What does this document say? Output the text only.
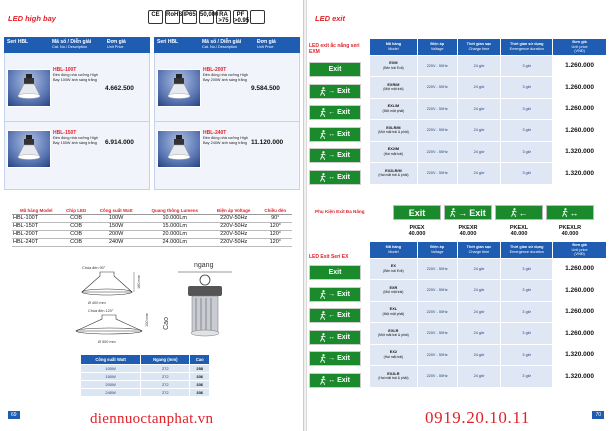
LED high bay	CE	RoHS IP65 50,000 RA >75
PF >0.95
Seri HBL	Mã số / Diễn giải
Cat. No./ Description
Đơn giá
Unit Price
HBL-100T
Đèn đúng nhà xưởng High Bay 100W ánh sáng trắng
4.662.500
HBL-150T
Đèn đúng nhà xưởng High Bay 150W ánh sáng trắng	6.914.000
Seri HBL	Mã số / Diễn giải
Cat. No./ Description
Đơn giá
Unit Price
HBL-200T
Đèn đúng nhà xưởng High Bay 200W ánh sáng trắng
9.584.500
HBL-240T
Đèn đúng nhà xưởng High Bay 240W ánh sáng trắng 11.120.000
Mã hàng Model	Chip LED	Công suất Watt	Quang thông Lumens	Điện áp Voltage	Chiều đèn
HBL-100T	COB	100W	10.000Lm	220V-50Hz	90°
HBL-150T	COB	150W	15.000Lm	220V-50Hz	120°
HBL-200T	COB	200W	20.000Lm	220V-50Hz	120°
HBL-240T	COB	240W	24.000Lm	220V-50Hz	120°
Chóa đèn 90°
Ø 400 mm
180 mm
Chóa đèn 120°
Ø 500 mm
100 mm
ngang
Cao
Công suất Watt	Ngang (mm)	Cao
100W	272	258
150W	272	336
200W	272	336
240W	272	336
69	diennuoctanphat.vn
LED exit
LED exit ắc nắng seri EXM
Exit
→ Exit
← Exit
↔ Exit
→ Exit
↔ Exit
Mã hàng
Model	Điện áp
Voltage	Thời gian sạc
Charge time	Thời gian sử dụng
Emergence duration	Đơn giá
Unit price
(VNĐ)

EXM
(Bên trái Exit)	220V - 50Hz	24 giờ	3 giờ	1.260.000
EXR/M
(Một mặt trái)	220V - 50Hz	24 giờ	3 giờ	1.260.000
EXL/M
(Một mặt phải)	220V - 50Hz	24 giờ	3 giờ	1.260.000
EXLR/M
(Một mặt trái & phải)	220V - 50Hz	24 giờ	3 giờ	1.260.000
EX2/M
(Hai mặt trái)	220V - 50Hz	24 giờ	3 giờ	1.320.000
EX2LR/M
(Hai mặt trái & phải)	220V - 50Hz	24 giờ	3 giờ	1.320.000
Phụ Kiện Exit Đa Năng	Exit
PKEX
40.000
→ Exit
PKEXR
40.000
←
PKEXL
40.000
↔
PKEXLR
40.000
LED Exit Seri EX
Exit
→ Exit
← Exit
↔ Exit
→ Exit
↔ Exit
Mã hàng
Model	Điện áp
Voltage	Thời gian sạc
Charge time	Thời gian sử dụng
Emergence duration	Đơn giá
Unit price
(VNĐ)

EX
(Bên trái Exit)	220V - 50Hz	24 giờ	3 giờ	1.260.000
EXR
(Một mặt trái)	220V - 50Hz	24 giờ	3 giờ	1.260.000
EXL
(Một mặt phải)	220V - 50Hz	24 giờ	3 giờ	1.260.000
EXLR
(Một mặt trái & phải)	220V - 50Hz	24 giờ	3 giờ	1.260.000
EX2
(Hai mặt trái)	220V - 50Hz	24 giờ	3 giờ	1.320.000
EX2LR
(Hai mặt trái & phải)	220V - 50Hz	24 giờ	3 giờ	1.320.000
70
0919.20.10.11
